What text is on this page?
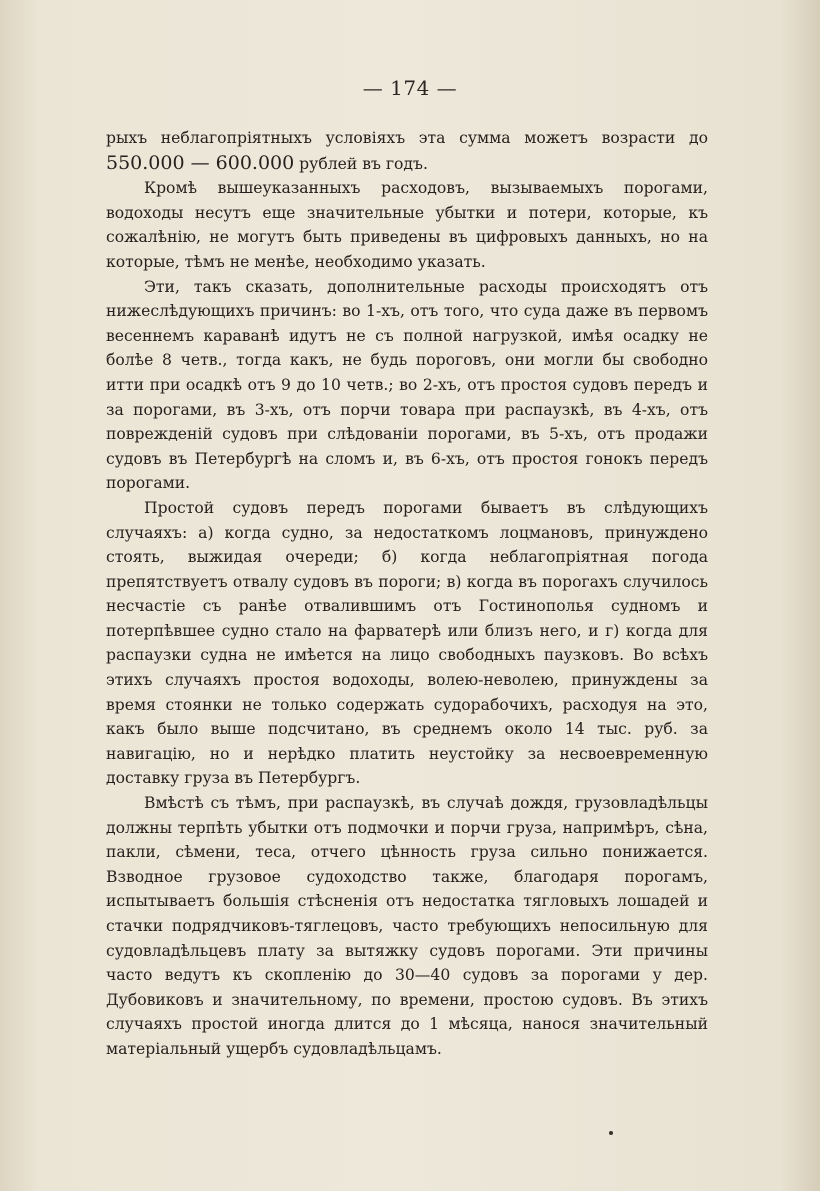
— 174 —

рыхъ неблагопріятныхъ условіяхъ эта сумма можетъ возрасти до 550.000 — 600.000 рублей въ годъ.

Кромѣ вышеуказанныхъ расходовъ, вызываемыхъ порогами, водоходы несутъ еще значительные убытки и потери, которые, къ сожалѣнію, не могутъ быть приведены въ цифровыхъ данныхъ, но на которые, тѣмъ не менѣе, необходимо указать.

Эти, такъ сказать, дополнительные расходы происходятъ отъ нижеслѣдующихъ причинъ: во 1-хъ, отъ того, что суда даже въ первомъ весеннемъ караванѣ идутъ не съ полной нагрузкой, имѣя осадку не болѣе 8 четв., тогда какъ, не будь пороговъ, они могли бы свободно итти при осадкѣ отъ 9 до 10 четв.; во 2-хъ, отъ простоя судовъ передъ и за порогами, въ 3-хъ, отъ порчи товара при распаузкѣ, въ 4-хъ, отъ поврежденій судовъ при слѣдованіи порогами, въ 5-хъ, отъ продажи судовъ въ Петербургѣ на сломъ и, въ 6-хъ, отъ простоя гонокъ передъ порогами.

Простой судовъ передъ порогами бываетъ въ слѣдующихъ случаяхъ: а) когда судно, за недостаткомъ лоцмановъ, принуждено стоять, выжидая очереди; б) когда неблагопріятная погода препятствуетъ отвалу судовъ въ пороги; в) когда въ порогахъ случилось несчастіе съ ранѣе отвалившимъ отъ Гостинополья судномъ и потерпѣвшее судно стало на фарватерѣ или близъ него, и г) когда для распаузки судна не имѣется на лицо свободныхъ паузковъ. Во всѣхъ этихъ случаяхъ простоя водоходы, волею-неволею, принуждены за время стоянки не только содержать судорабочихъ, расходуя на это, какъ было выше подсчитано, въ среднемъ около 14 тыс. руб. за навигацію, но и нерѣдко платить неустойку за несвоевременную доставку груза въ Петербургъ.

Вмѣстѣ съ тѣмъ, при распаузкѣ, въ случаѣ дождя, грузовладѣльцы должны терпѣть убытки отъ подмочки и порчи груза, напримѣръ, сѣна, пакли, сѣмени, теса, отчего цѣнность груза сильно понижается. Взводное грузовое судоходство также, благодаря порогамъ, испытываетъ большія стѣсненія отъ недостатка тягловыхъ лошадей и стачки подрядчиковъ-тяглецовъ, часто требующихъ непосильную для судовладѣльцевъ плату за вытяжку судовъ порогами. Эти причины часто ведутъ къ скопленію до 30—40 судовъ за порогами у дер. Дубовиковъ и значительному, по времени, простою судовъ. Въ этихъ случаяхъ простой иногда длится до 1 мѣсяца, нанося значительный матеріальный ущербъ судовладѣльцамъ.
